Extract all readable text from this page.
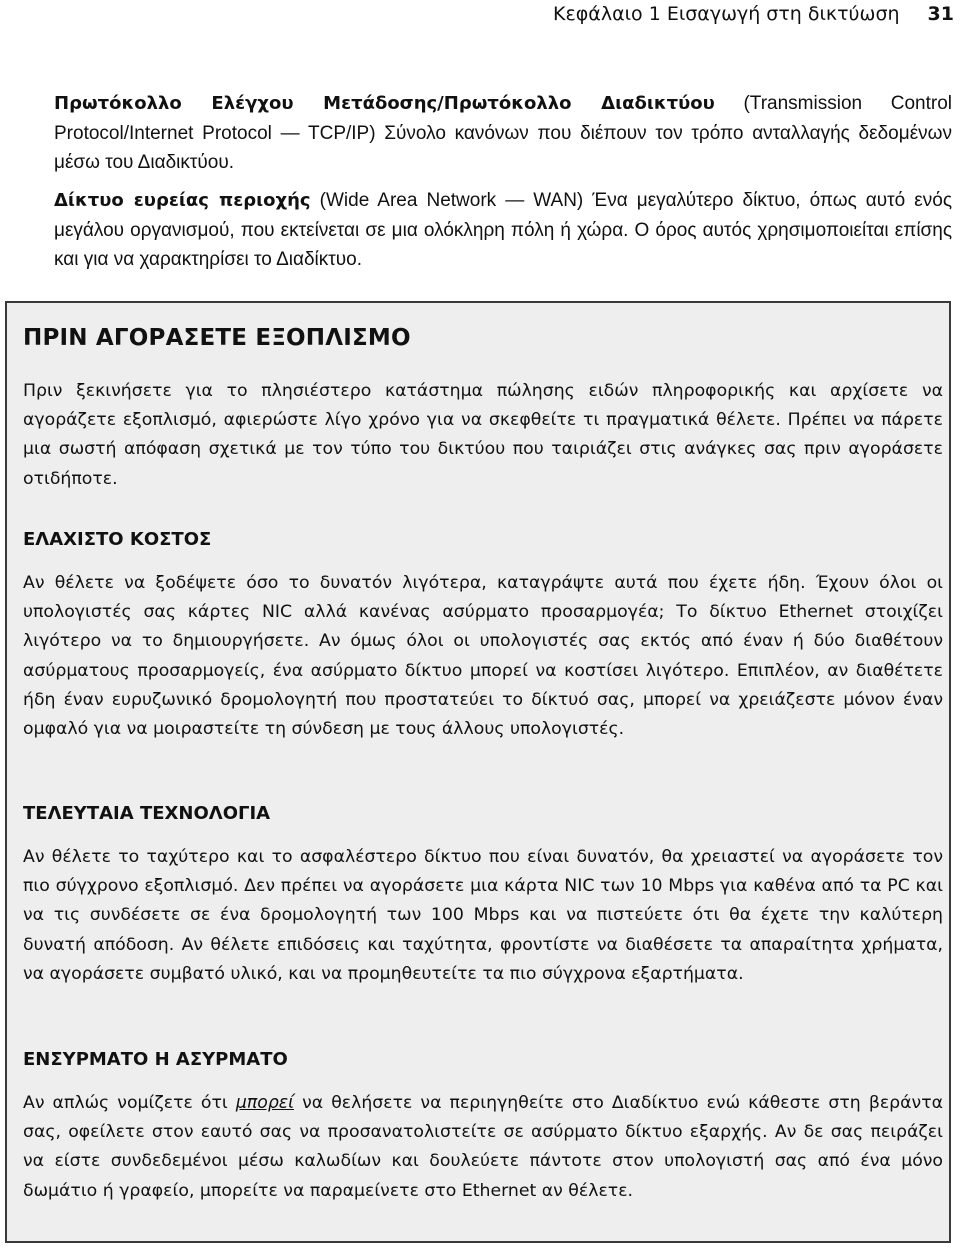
Κεφάλαιο 1 Εισαγωγή στη δικτύωση 31
Πρωτόκολλο Ελέγχου Μετάδοσης/Πρωτόκολλο Διαδικτύου (Transmission Control Protocol/Internet Protocol — TCP/IP) Σύνολο κανόνων που διέπουν τον τρόπο ανταλλαγής δεδομένων μέσω του Διαδικτύου.
Δίκτυο ευρείας περιοχής (Wide Area Network — WAN) Ένα μεγαλύτερο δίκτυο, όπως αυτό ενός μεγάλου οργανισμού, που εκτείνεται σε μια ολόκληρη πόλη ή χώρα. Ο όρος αυτός χρησιμοποιείται επίσης και για να χαρακτηρίσει το Διαδίκτυο.
ΠΡΙΝ ΑΓΟΡΑΣΕΤΕ ΕΞΟΠΛΙΣΜΟ
Πριν ξεκινήσετε για το πλησιέστερο κατάστημα πώλησης ειδών πληροφορικής και αρχίσετε να αγοράζετε εξοπλισμό, αφιερώστε λίγο χρόνο για να σκεφθείτε τι πραγματικά θέλετε. Πρέπει να πάρετε μια σωστή απόφαση σχετικά με τον τύπο του δικτύου που ταιριάζει στις ανάγκες σας πριν αγοράσετε οτιδήποτε.
ΕΛΑΧΙΣΤΟ ΚΟΣΤΟΣ
Αν θέλετε να ξοδέψετε όσο το δυνατόν λιγότερα, καταγράψτε αυτά που έχετε ήδη. Έχουν όλοι οι υπολογιστές σας κάρτες NIC αλλά κανένας ασύρματο προσαρμογέα; Το δίκτυο Ethernet στοιχίζει λιγότερο να το δημιουργήσετε. Αν όμως όλοι οι υπολογιστές σας εκτός από έναν ή δύο διαθέτουν ασύρματους προσαρμογείς, ένα ασύρματο δίκτυο μπορεί να κοστίσει λιγότερο. Επιπλέον, αν διαθέτετε ήδη έναν ευρυζωνικό δρομολογητή που προστατεύει το δίκτυό σας, μπορεί να χρειάζεστε μόνον έναν ομφαλό για να μοιραστείτε τη σύνδεση με τους άλλους υπολογιστές.
ΤΕΛΕΥΤΑΙΑ ΤΕΧΝΟΛΟΓΙΑ
Αν θέλετε το ταχύτερο και το ασφαλέστερο δίκτυο που είναι δυνατόν, θα χρειαστεί να αγοράσετε τον πιο σύγχρονο εξοπλισμό. Δεν πρέπει να αγοράσετε μια κάρτα NIC των 10 Mbps για καθένα από τα PC και να τις συνδέσετε σε ένα δρομολογητή των 100 Mbps και να πιστεύετε ότι θα έχετε την καλύτερη δυνατή απόδοση. Αν θέλετε επιδόσεις και ταχύτητα, φροντίστε να διαθέσετε τα απαραίτητα χρήματα, να αγοράσετε συμβατό υλικό, και να προμηθευτείτε τα πιο σύγχρονα εξαρτήματα.
ΕΝΣΥΡΜΑΤΟ Η ΑΣΥΡΜΑΤΟ
Αν απλώς νομίζετε ότι μπορεί να θελήσετε να περιηγηθείτε στο Διαδίκτυο ενώ κάθεστε στη βεράντα σας, οφείλετε στον εαυτό σας να προσανατολιστείτε σε ασύρματο δίκτυο εξαρχής. Αν δε σας πειράζει να είστε συνδεδεμένοι μέσω καλωδίων και δουλεύετε πάντοτε στον υπολογιστή σας από ένα μόνο δωμάτιο ή γραφείο, μπορείτε να παραμείνετε στο Ethernet αν θέλετε.
